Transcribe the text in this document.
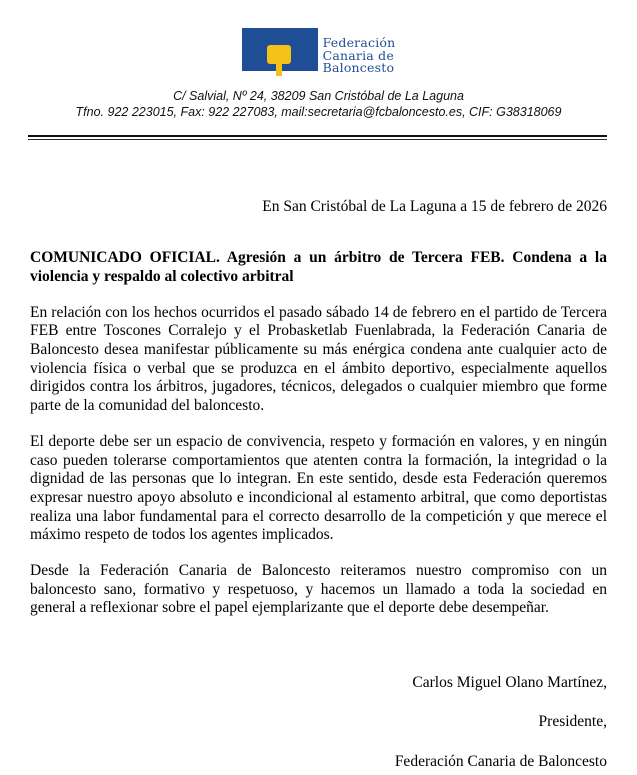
Federación
Canaria de
Baloncesto
C/ Salvial, Nº 24, 38209 San Cristóbal de La Laguna
Tfno. 922 223015, Fax: 922 227083, mail:secretaria@fcbaloncesto.es, CIF: G38318069

En San Cristóbal de La Laguna a 15 de febrero de 2026

COMUNICADO OFICIAL. Agresión a un árbitro de Tercera FEB. Condena a la violencia y respaldo al colectivo arbitral

En relación con los hechos ocurridos el pasado sábado 14 de febrero en el partido de Tercera FEB entre Toscones Corralejo y el Probasketlab Fuenlabrada, la Federación Canaria de Baloncesto desea manifestar públicamente su más enérgica condena ante cualquier acto de violencia física o verbal que se produzca en el ámbito deportivo, especialmente aquellos dirigidos contra los árbitros, jugadores, técnicos, delegados o cualquier miembro que forme parte de la comunidad del baloncesto.

El deporte debe ser un espacio de convivencia, respeto y formación en valores, y en ningún caso pueden tolerarse comportamientos que atenten contra la formación, la integridad o la dignidad de las personas que lo integran. En este sentido, desde esta Federación queremos expresar nuestro apoyo absoluto e incondicional al estamento arbitral, que como deportistas realiza una labor fundamental para el correcto desarrollo de la competición y que merece el máximo respeto de todos los agentes implicados.

Desde la Federación Canaria de Baloncesto reiteramos nuestro compromiso con un baloncesto sano, formativo y respetuoso, y hacemos un llamado a toda la sociedad en general a reflexionar sobre el papel ejemplarizante que el deporte debe desempeñar.

Carlos Miguel Olano Martínez,

Presidente,

Federación Canaria de Baloncesto
